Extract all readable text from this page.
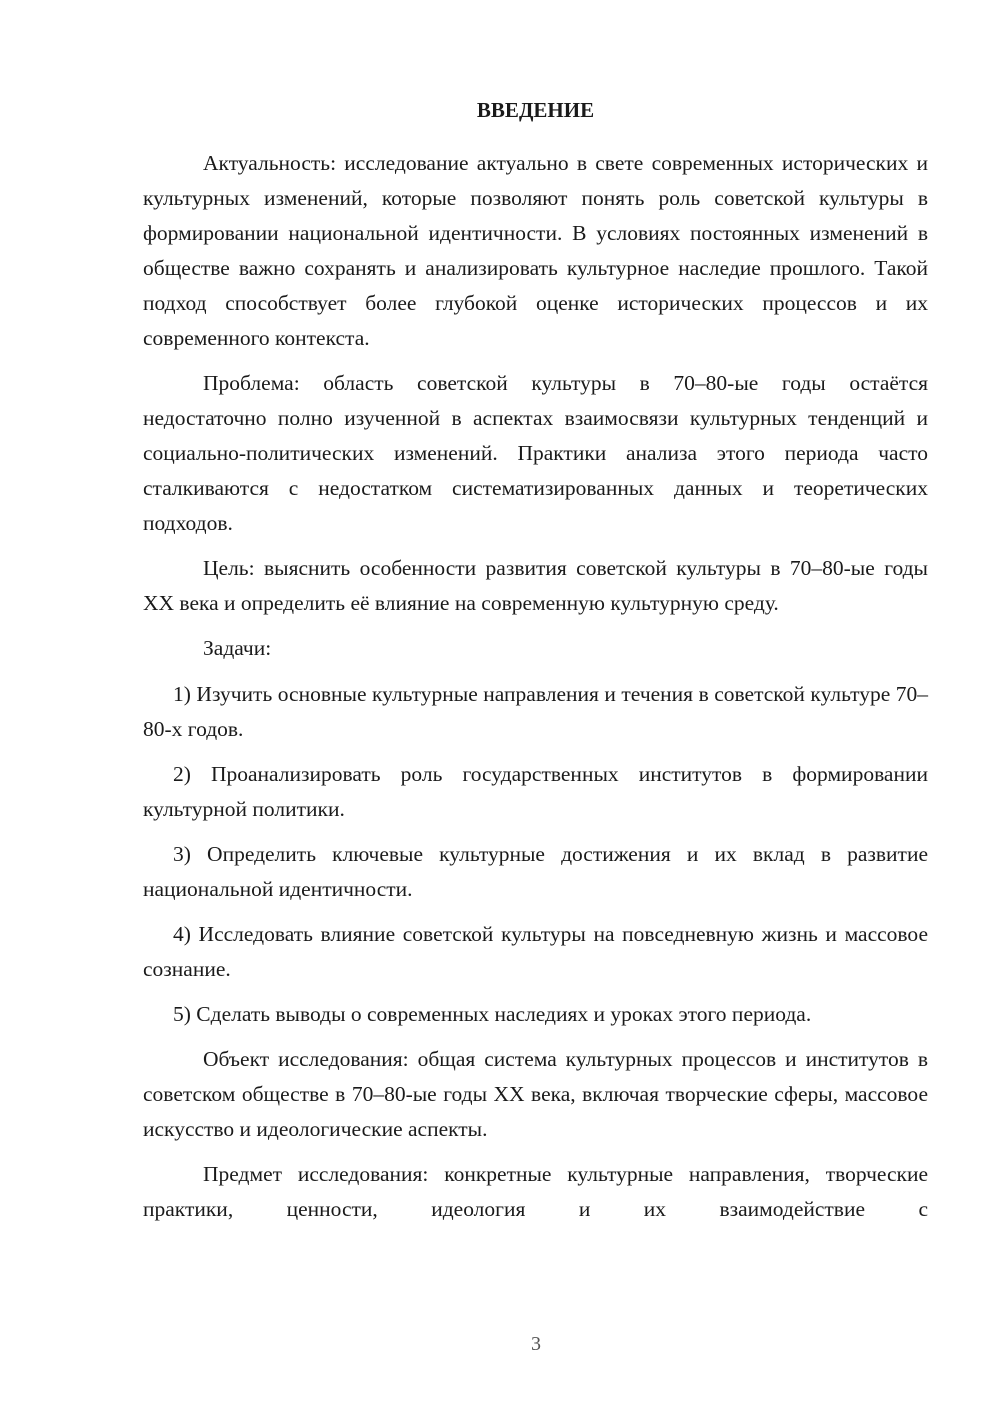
ВВЕДЕНИЕ

Актуальность: исследование актуально в свете современных исторических и культурных изменений, которые позволяют понять роль советской культуры в формировании национальной идентичности. В условиях постоянных изменений в обществе важно сохранять и анализировать культурное наследие прошлого. Такой подход способствует более глубокой оценке исторических процессов и их современного контекста.

Проблема: область советской культуры в 70–80-ые годы остаётся недостаточно полно изученной в аспектах взаимосвязи культурных тенденций и социально-политических изменений. Практики анализа этого периода часто сталкиваются с недостатком систематизированных данных и теоретических подходов.

Цель: выяснить особенности развития советской культуры в 70–80-ые годы XX века и определить её влияние на современную культурную среду.

Задачи:

1) Изучить основные культурные направления и течения в советской культуре 70–80-х годов.

2) Проанализировать роль государственных институтов в формировании культурной политики.

3) Определить ключевые культурные достижения и их вклад в развитие национальной идентичности.

4) Исследовать влияние советской культуры на повседневную жизнь и массовое сознание.

5) Сделать выводы о современных наследиях и уроках этого периода.

Объект исследования: общая система культурных процессов и институтов в советском обществе в 70–80-ые годы XX века, включая творческие сферы, массовое искусство и идеологические аспекты.

Предмет исследования: конкретные культурные направления, творческие практики, ценности, идеология и их взаимодействие с

3
